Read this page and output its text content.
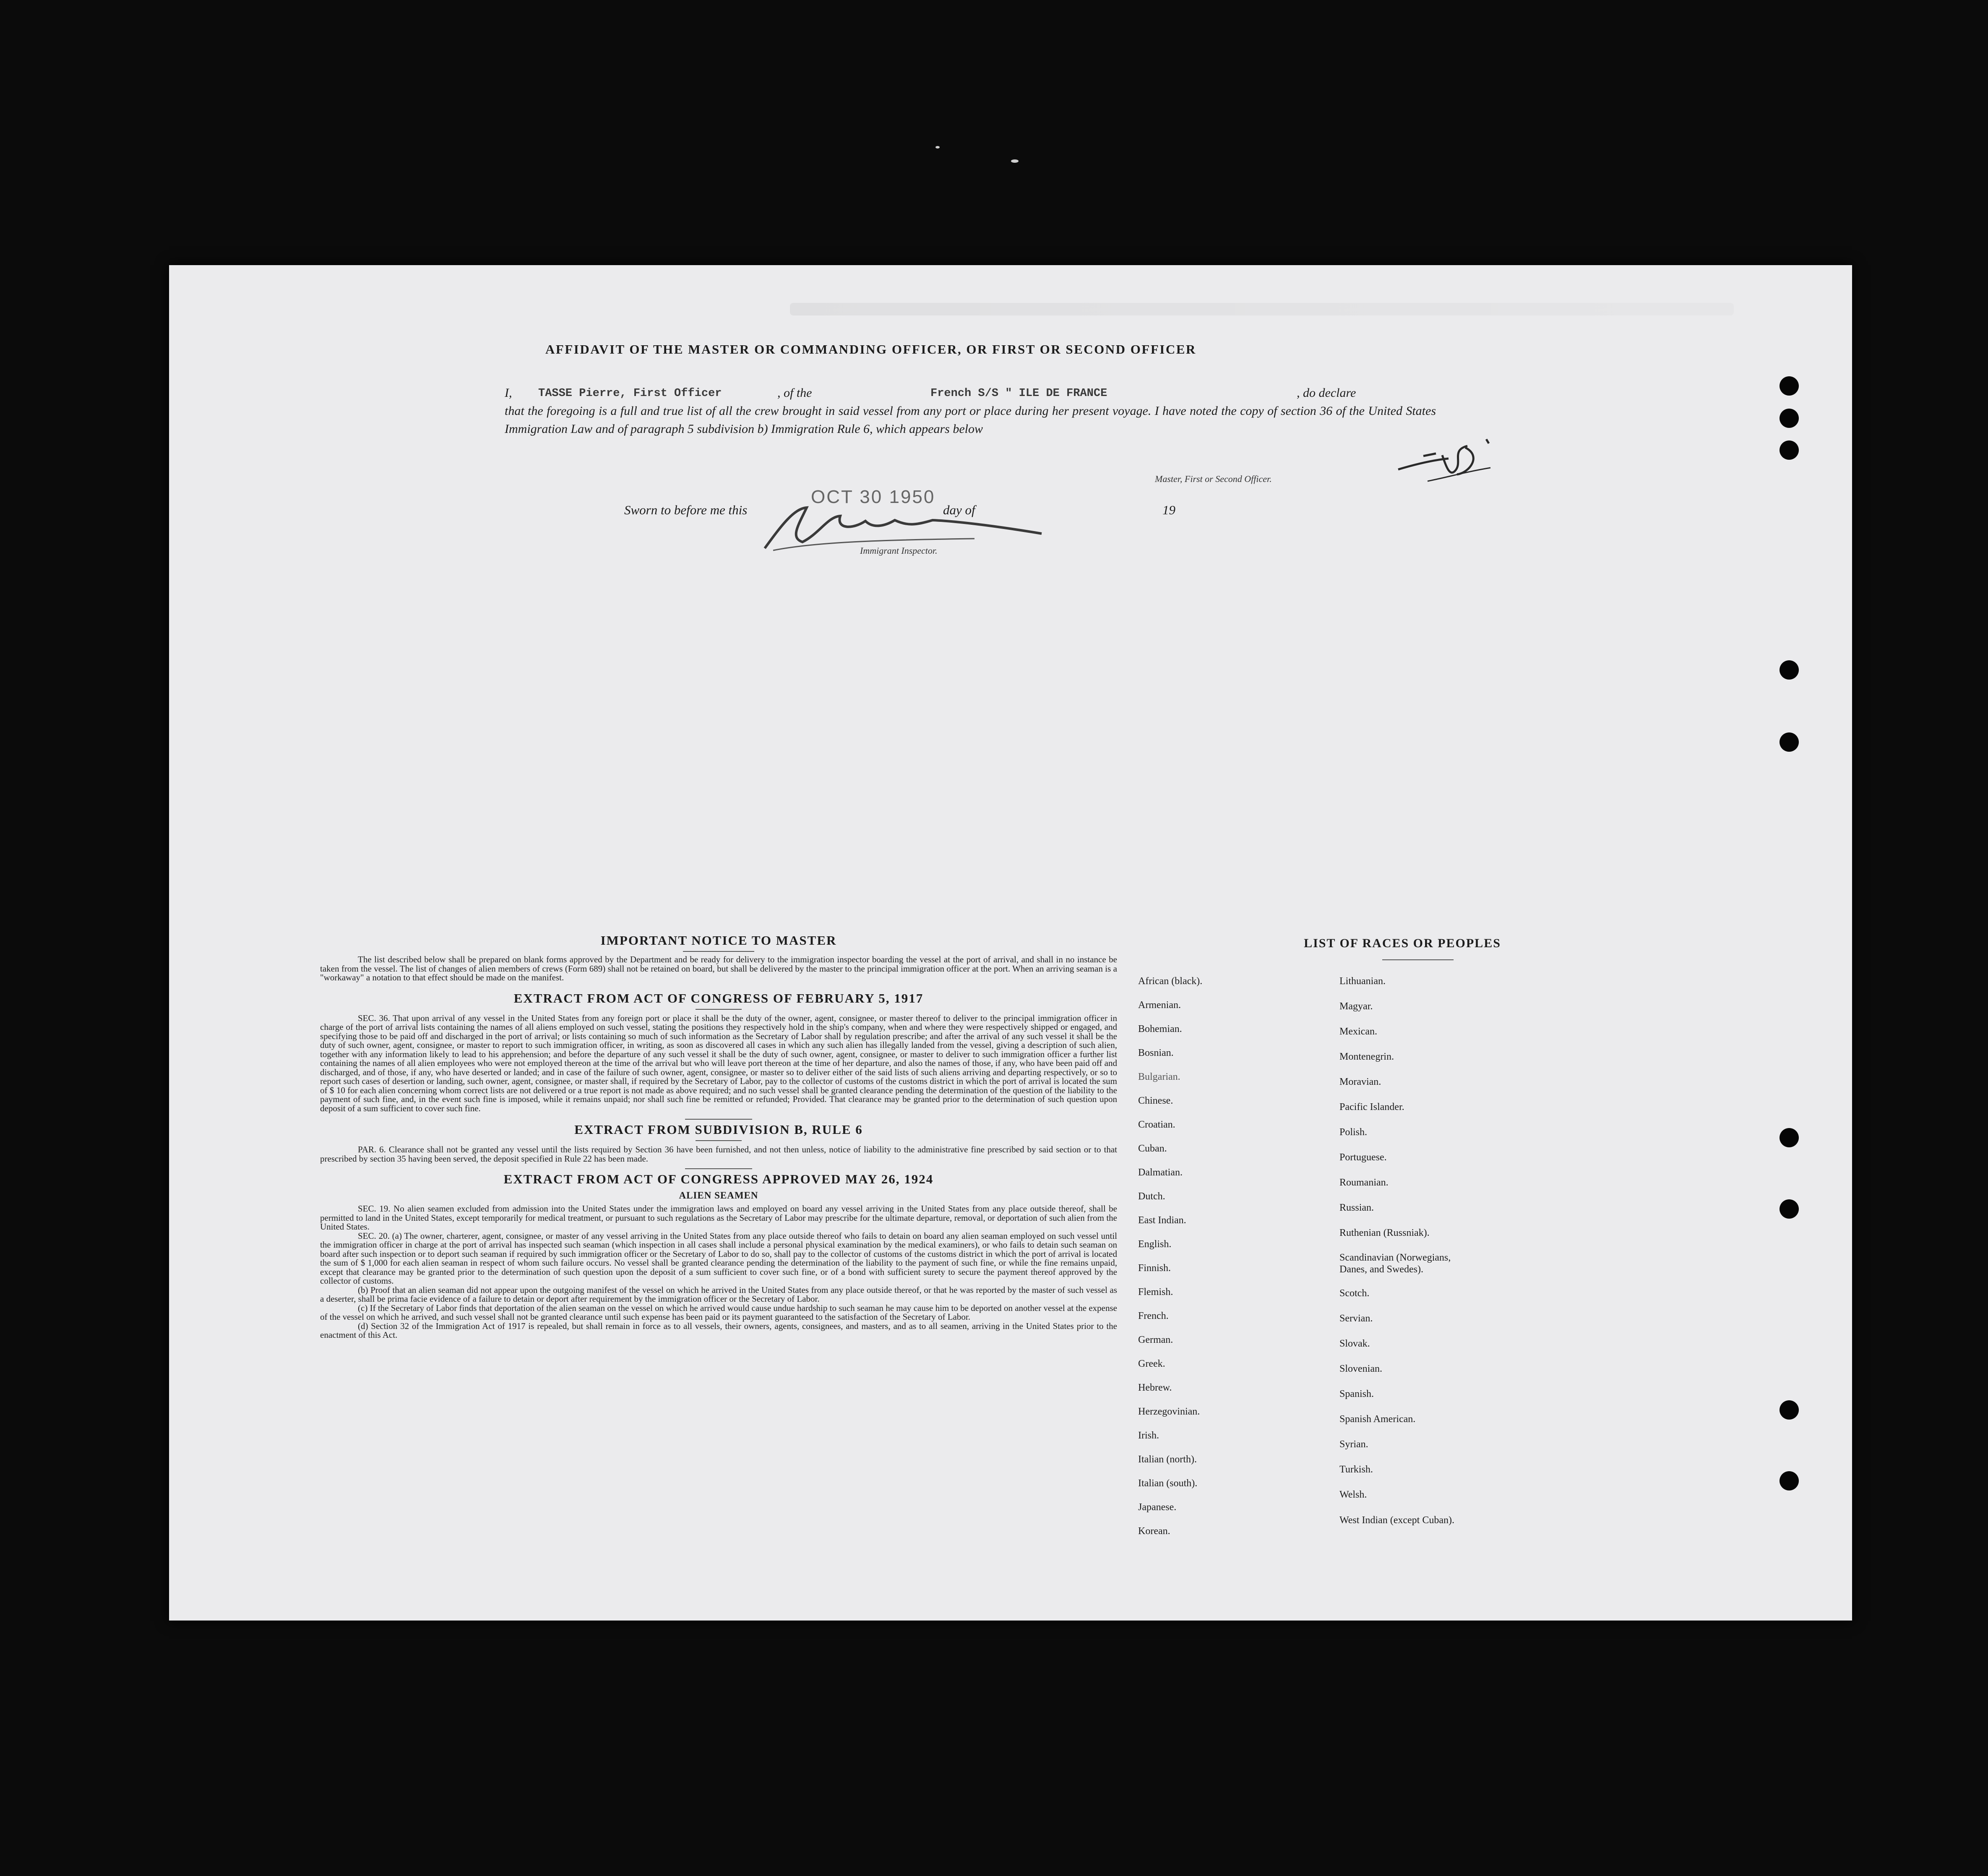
AFFIDAVIT OF THE MASTER OR COMMANDING OFFICER, OR FIRST OR SECOND OFFICER
I, TASSE Pierre, First Officer	, of the	French S/S " ILE DE FRANCE	, do declare
that the foregoing is a full and true list of all the crew brought in said vessel from any port or place during her present voyage. I have noted the copy of section 36 of the United States Immigration Law and of paragraph 5 subdivision b) Immigration Rule 6, which appears below
Master, First or Second Officer.
Sworn to before me this	day of	19
OCT 30 1950
Immigrant Inspector.
IMPORTANT NOTICE TO MASTER
The list described below shall be prepared on blank forms approved by the Department and be ready for delivery to the immigration inspector boarding the vessel at the port of arrival, and shall in no instance be taken from the vessel. The list of changes of alien members of crews (Form 689) shall not be retained on board, but shall be delivered by the master to the principal immigration officer at the port. When an arriving seaman is a "workaway" a notation to that effect should be made on the manifest.
EXTRACT FROM ACT OF CONGRESS OF FEBRUARY 5, 1917
SEC. 36. That upon arrival of any vessel in the United States from any foreign port or place it shall be the duty of the owner, agent, consignee, or master thereof to deliver to the principal immigration officer in charge of the port of arrival lists containing the names of all aliens employed on such vessel, stating the positions they respectively hold in the ship's company, when and where they were respectively shipped or engaged, and specifying those to be paid off and discharged in the port of arrival; or lists containing so much of such information as the Secretary of Labor shall by regulation prescribe; and after the arrival of any such vessel it shall be the duty of such owner, agent, consignee, or master to report to such immigration officer, in writing, as soon as discovered all cases in which any such alien has illegally landed from the vessel, giving a description of such alien, together with any information likely to lead to his apprehension; and before the departure of any such vessel it shall be the duty of such owner, agent, consignee, or master to deliver to such immigration officer a further list containing the names of all alien employees who were not employed thereon at the time of the arrival but who will leave port thereon at the time of her departure, and also the names of those, if any, who have been paid off and discharged, and of those, if any, who have deserted or landed; and in case of the failure of such owner, agent, consignee, or master so to deliver either of the said lists of such aliens arriving and departing respectively, or so to report such cases of desertion or landing, such owner, agent, consignee, or master shall, if required by the Secretary of Labor, pay to the collector of customs of the customs district in which the port of arrival is located the sum of $ 10 for each alien concerning whom correct lists are not delivered or a true report is not made as above required; and no such vessel shall be granted clearance pending the determination of the question of the liability to the payment of such fine, and, in the event such fine is imposed, while it remains unpaid; nor shall such fine be remitted or refunded; Provided. That clearance may be granted prior to the determination of such question upon deposit of a sum sufficient to cover such fine.
EXTRACT FROM SUBDIVISION B, RULE 6
PAR. 6. Clearance shall not be granted any vessel until the lists required by Section 36 have been furnished, and not then unless, notice of liability to the administrative fine prescribed by said section or to that prescribed by section 35 having been served, the deposit specified in Rule 22 has been made.
EXTRACT FROM ACT OF CONGRESS APPROVED MAY 26, 1924
ALIEN SEAMEN
SEC. 19. No alien seamen excluded from admission into the United States under the immigration laws and employed on board any vessel arriving in the United States from any place outside thereof, shall be permitted to land in the United States, except temporarily for medical treatment, or pursuant to such regulations as the Secretary of Labor may prescribe for the ultimate departure, removal, or deportation of such alien from the United States.
SEC. 20. (a) The owner, charterer, agent, consignee, or master of any vessel arriving in the United States from any place outside thereof who fails to detain on board any alien seaman employed on such vessel until the immigration officer in charge at the port of arrival has inspected such seaman (which inspection in all cases shall include a personal physical examination by the medical examiners), or who fails to detain such seaman on board after such inspection or to deport such seaman if required by such immigration officer or the Secretary of Labor to do so, shall pay to the collector of customs of the customs district in which the port of arrival is located the sum of $ 1,000 for each alien seaman in respect of whom such failure occurs. No vessel shall be granted clearance pending the determination of the liability to the payment of such fine, or while the fine remains unpaid, except that clearance may be granted prior to the determination of such question upon the deposit of a sum sufficient to cover such fine, or of a bond with sufficient surety to secure the payment thereof approved by the collector of customs.
(b) Proof that an alien seaman did not appear upon the outgoing manifest of the vessel on which he arrived in the United States from any place outside thereof, or that he was reported by the master of such vessel as a deserter, shall be prima facie evidence of a failure to detain or deport after requirement by the immigration officer or the Secretary of Labor.
(c) If the Secretary of Labor finds that deportation of the alien seaman on the vessel on which he arrived would cause undue hardship to such seaman he may cause him to be deported on another vessel at the expense of the vessel on which he arrived, and such vessel shall not be granted clearance until such expense has been paid or its payment guaranteed to the satisfaction of the Secretary of Labor.
(d) Section 32 of the Immigration Act of 1917 is repealed, but shall remain in force as to all vessels, their owners, agents, consignees, and masters, and as to all seamen, arriving in the United States prior to the enactment of this Act.
LIST OF RACES OR PEOPLES
African (black).
Armenian.
Bohemian.
Bosnian.
Bulgarian.
Chinese.
Croatian.
Cuban.
Dalmatian.
Dutch.
East Indian.
English.
Finnish.
Flemish.
French.
German.
Greek.
Hebrew.
Herzegovinian.
Irish.
Italian (north).
Italian (south).
Japanese.
Korean.
Lithuanian.
Magyar.
Mexican.
Montenegrin.
Moravian.
Pacific Islander.
Polish.
Portuguese.
Roumanian.
Russian.
Ruthenian (Russniak).
Scandinavian (Norwegians, Danes, and Swedes).
Scotch.
Servian.
Slovak.
Slovenian.
Spanish.
Spanish American.
Syrian.
Turkish.
Welsh.
West Indian (except Cuban).
